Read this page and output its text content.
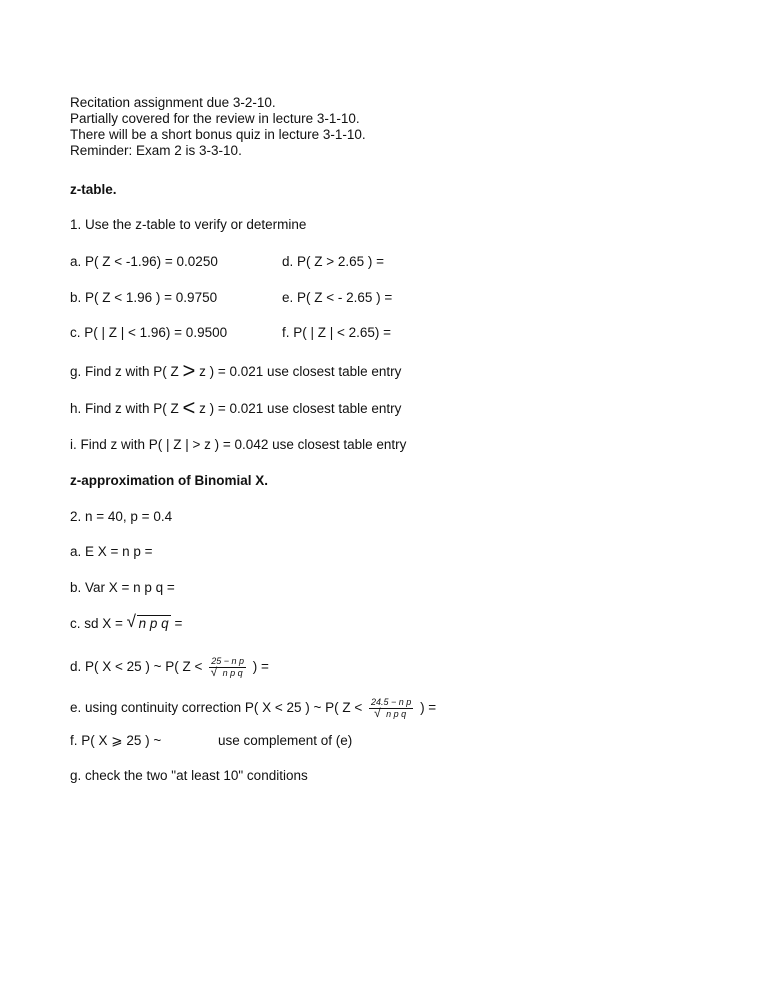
Recitation assignment due 3-2-10.
Partially covered for the review in lecture 3-1-10.
There will be a short bonus quiz in lecture 3-1-10.
Reminder: Exam 2 is 3-3-10.
z-table.
1. Use the z-table to verify or determine
a. P( Z < -1.96) = 0.0250	d. P( Z > 2.65 ) =
b. P( Z < 1.96 ) = 0.9750	e. P( Z < - 2.65 ) =
c. P( | Z | < 1.96) = 0.9500	f. P( | Z | < 2.65) =
g. Find z with P( Z > z ) = 0.021 use closest table entry
h. Find z with P( Z < z ) = 0.021 use closest table entry
i. Find z with P( | Z | > z ) = 0.042 use closest table entry
z-approximation of Binomial X.
2. n = 40, p = 0.4
a. E X = n p =
b. Var X = n p q =
c. sd X = √ n p q =
d. P( X < 25 ) ~ P( $Z < \frac{\text{25 − n p}}{\text{√ n p q}}$ ) =
e. using continuity correction P( X < 25 ) ~ P( $Z < \frac{\text{24.5 − n p}}{\text{√ n p q}}$ ) =
f. P( X ⩾ 25 ) ~	use complement of (e)
g. check the two "at least 10" conditions
